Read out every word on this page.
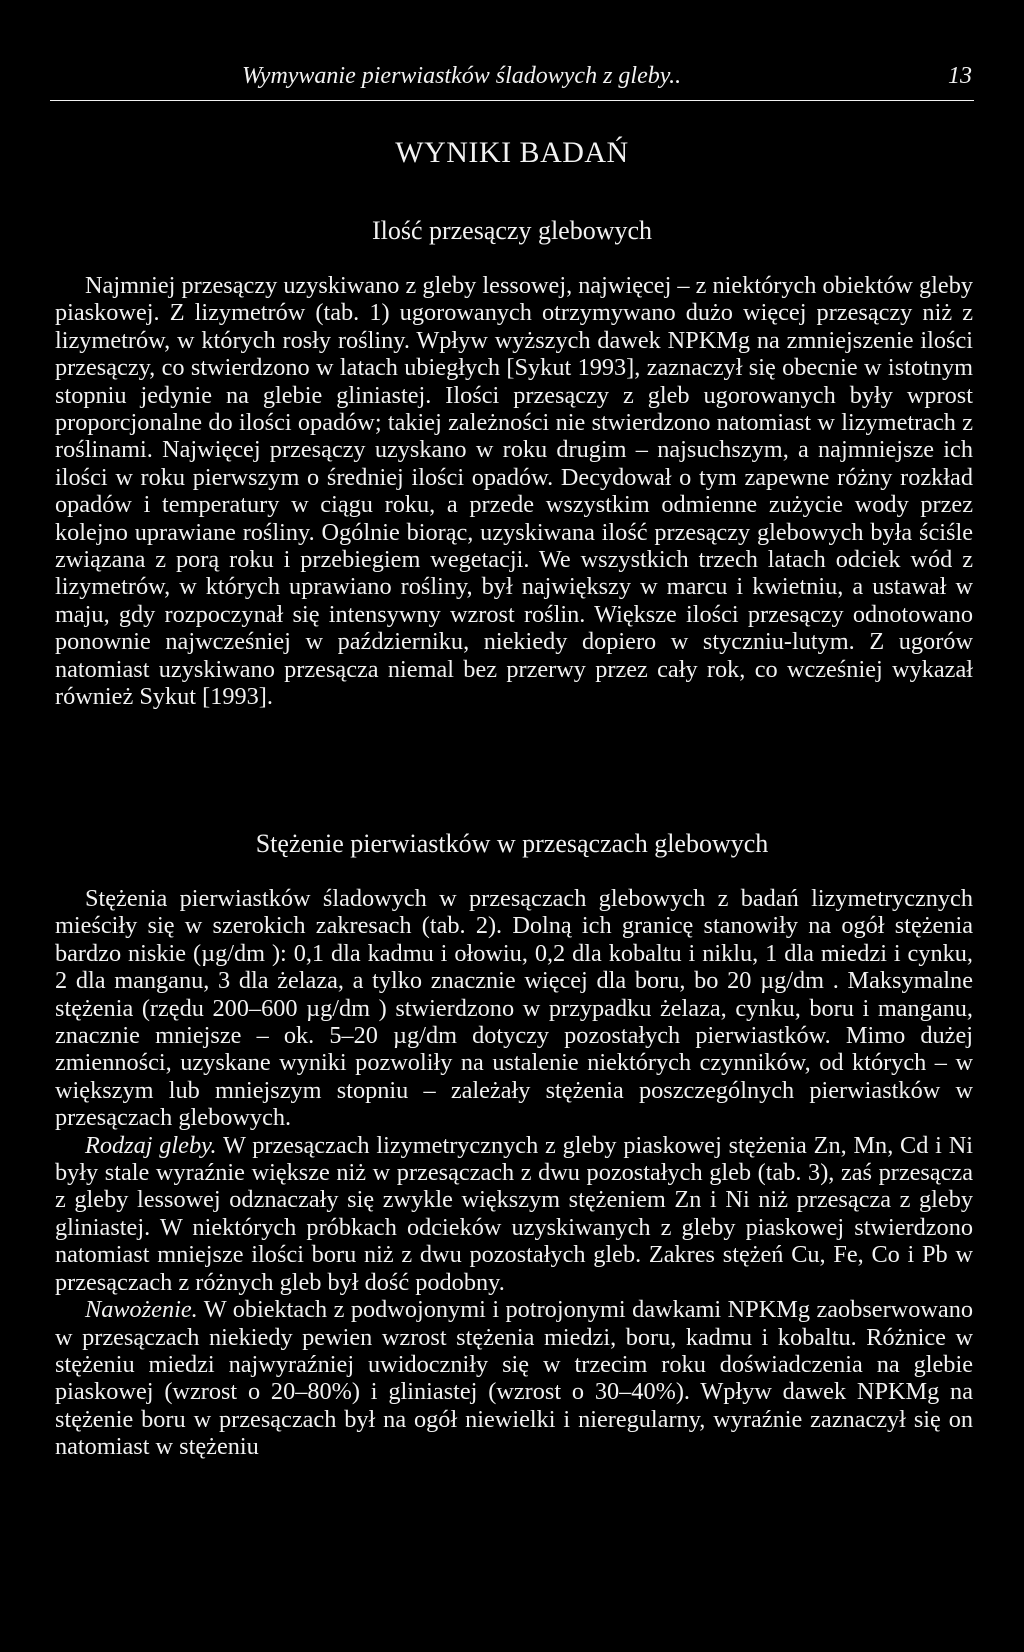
Wymywanie pierwiastków śladowych z gleby..	13
WYNIKI BADAŃ
Ilość przesączy glebowych

Najmniej przesączy uzyskiwano z gleby lessowej, najwięcej – z niektórych obiektów gleby piaskowej. Z lizymetrów (tab. 1) ugorowanych otrzymywano dużo więcej przesączy niż z lizymetrów, w których rosły rośliny. Wpływ wyższych dawek NPKMg na zmniejszenie ilości przesączy, co stwierdzono w latach ubiegłych [Sykut 1993], zaznaczył się obecnie w istotnym stopniu jedynie na glebie gliniastej. Ilości przesączy z gleb ugorowanych były wprost proporcjonalne do ilości opadów; takiej zależności nie stwierdzono natomiast w lizymetrach z roślinami. Najwięcej przesączy uzyskano w roku drugim – najsuchszym, a najmniejsze ich ilości w roku pierwszym o średniej ilości opadów. Decydował o tym zapewne różny rozkład opadów i temperatury w ciągu roku, a przede wszystkim odmienne zużycie wody przez kolejno uprawiane rośliny. Ogólnie biorąc, uzyskiwana ilość przesączy glebowych była ściśle związana z porą roku i przebiegiem wegetacji. We wszystkich trzech latach odciek wód z lizymetrów, w których uprawiano rośliny, był największy w marcu i kwietniu, a ustawał w maju, gdy rozpoczynał się intensywny wzrost roślin. Większe ilości przesączy odnotowano ponownie najwcześniej w październiku, niekiedy dopiero w styczniu-lutym. Z ugorów natomiast uzyskiwano przesącza niemal bez przerwy przez cały rok, co wcześniej wykazał również Sykut [1993].

Stężenie pierwiastków w przesączach glebowych

Stężenia pierwiastków śladowych w przesączach glebowych z badań lizymetrycznych mieściły się w szerokich zakresach (tab. 2). Dolną ich granicę stanowiły na ogół stężenia bardzo niskie (µg/dm ): 0,1 dla kadmu i ołowiu, 0,2 dla kobaltu i niklu, 1 dla miedzi i cynku, 2 dla manganu, 3 dla żelaza, a tylko znacznie więcej dla boru, bo 20 µg/dm . Maksymalne stężenia (rzędu 200–600 µg/dm ) stwierdzono w przypadku żelaza, cynku, boru i manganu, znacznie mniejsze – ok. 5–20 µg/dm dotyczy pozostałych pierwiastków. Mimo dużej zmienności, uzyskane wyniki pozwoliły na ustalenie niektórych czynników, od których – w większym lub mniejszym stopniu – zależały stężenia poszczególnych pierwiastków w przesączach glebowych.

Rodzaj gleby. W przesączach lizymetrycznych z gleby piaskowej stężenia Zn, Mn, Cd i Ni były stale wyraźnie większe niż w przesączach z dwu pozostałych gleb (tab. 3), zaś przesącza z gleby lessowej odznaczały się zwykle większym stężeniem Zn i Ni niż przesącza z gleby gliniastej. W niektórych próbkach odcieków uzyskiwanych z gleby piaskowej stwierdzono natomiast mniejsze ilości boru niż z dwu pozostałych gleb. Zakres stężeń Cu, Fe, Co i Pb w przesączach z różnych gleb był dość podobny.

Nawożenie. W obiektach z podwojonymi i potrojonymi dawkami NPKMg zaobserwowano w przesączach niekiedy pewien wzrost stężenia miedzi, boru, kadmu i kobaltu. Różnice w stężeniu miedzi najwyraźniej uwidoczniły się w trzecim roku doświadczenia na glebie piaskowej (wzrost o 20–80%) i gliniastej (wzrost o 30–40%). Wpływ dawek NPKMg na stężenie boru w przesączach był na ogół niewielki i nieregularny, wyraźnie zaznaczył się on natomiast w stężeniu
